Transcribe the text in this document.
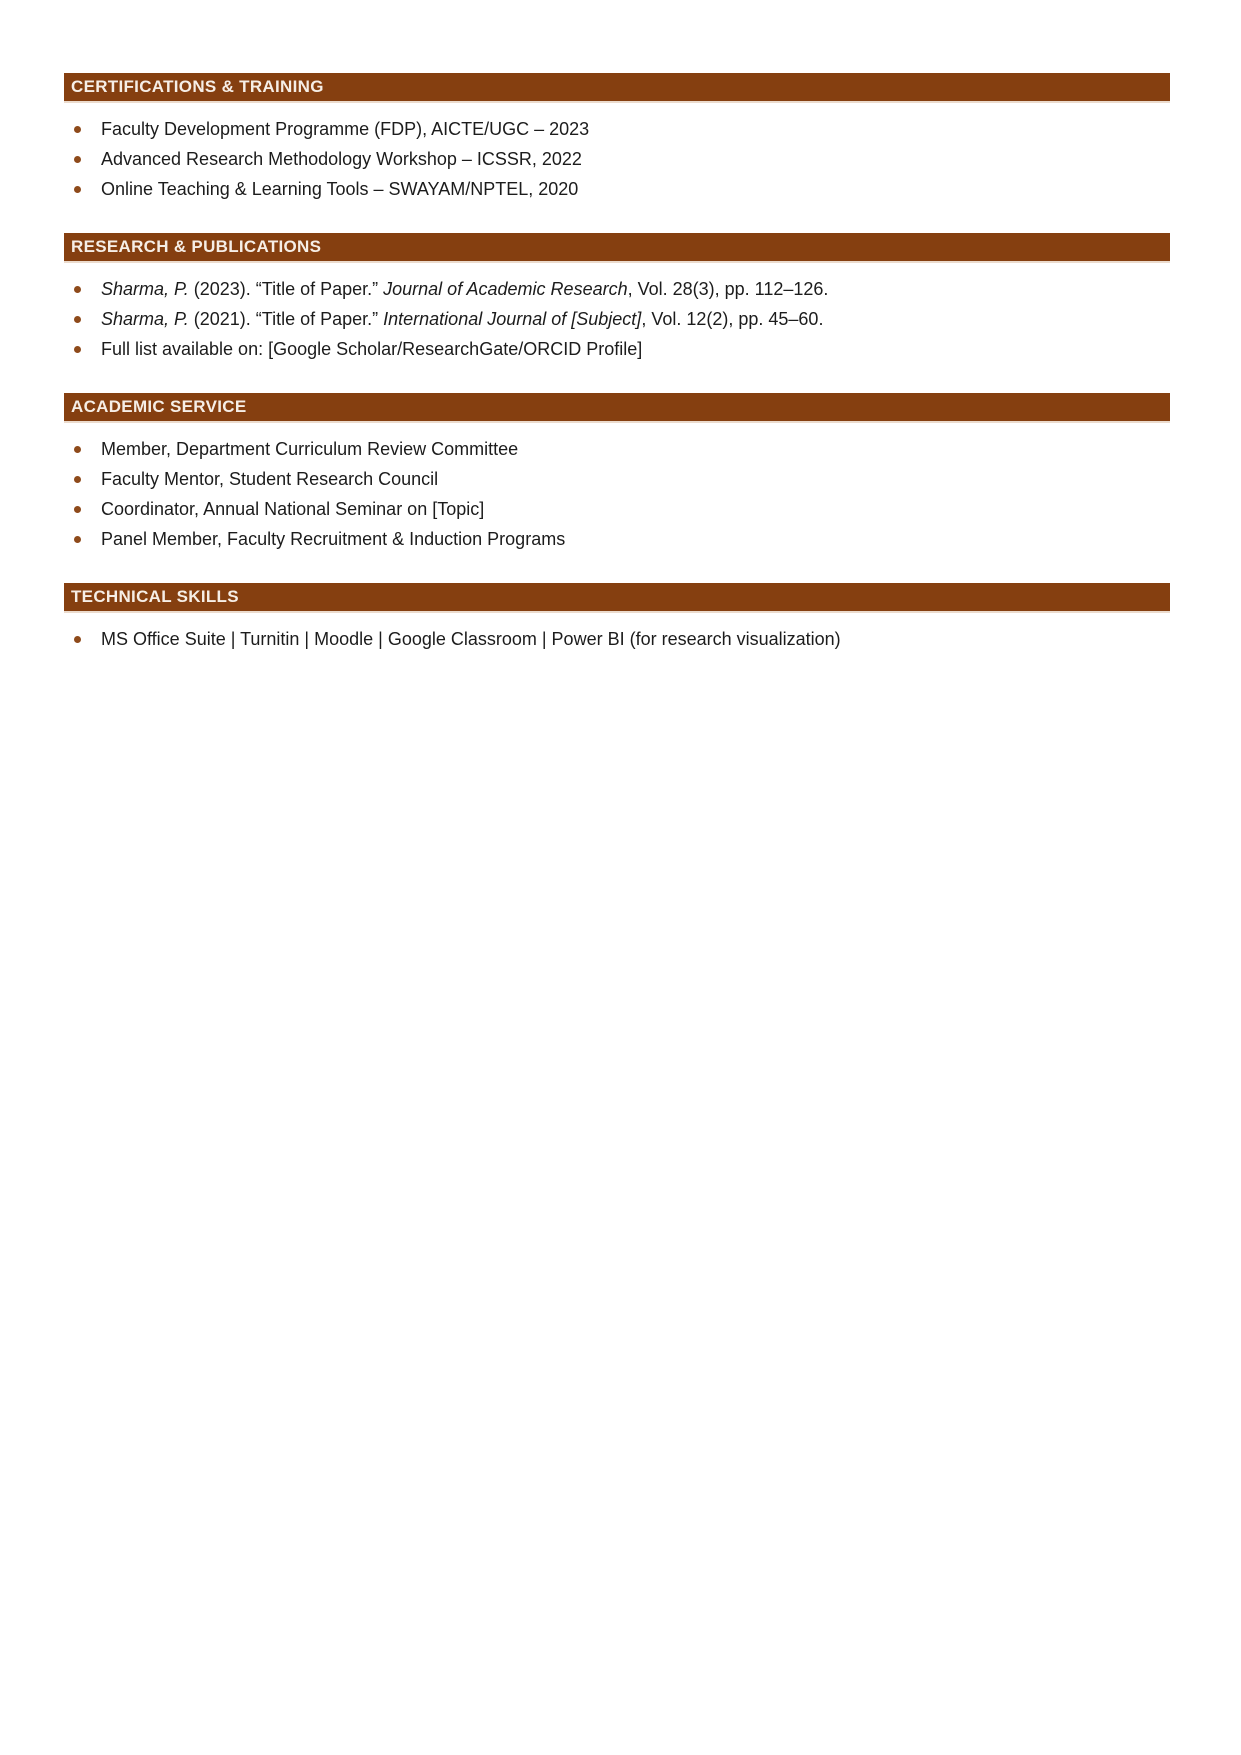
CERTIFICATIONS & TRAINING
Faculty Development Programme (FDP), AICTE/UGC – 2023
Advanced Research Methodology Workshop – ICSSR, 2022
Online Teaching & Learning Tools – SWAYAM/NPTEL, 2020
RESEARCH & PUBLICATIONS
Sharma, P. (2023). “Title of Paper.” Journal of Academic Research, Vol. 28(3), pp. 112–126.
Sharma, P. (2021). “Title of Paper.” International Journal of [Subject], Vol. 12(2), pp. 45–60.
Full list available on: [Google Scholar/ResearchGate/ORCID Profile]
ACADEMIC SERVICE
Member, Department Curriculum Review Committee
Faculty Mentor, Student Research Council
Coordinator, Annual National Seminar on [Topic]
Panel Member, Faculty Recruitment & Induction Programs
TECHNICAL SKILLS
MS Office Suite | Turnitin | Moodle | Google Classroom | Power BI (for research visualization)
